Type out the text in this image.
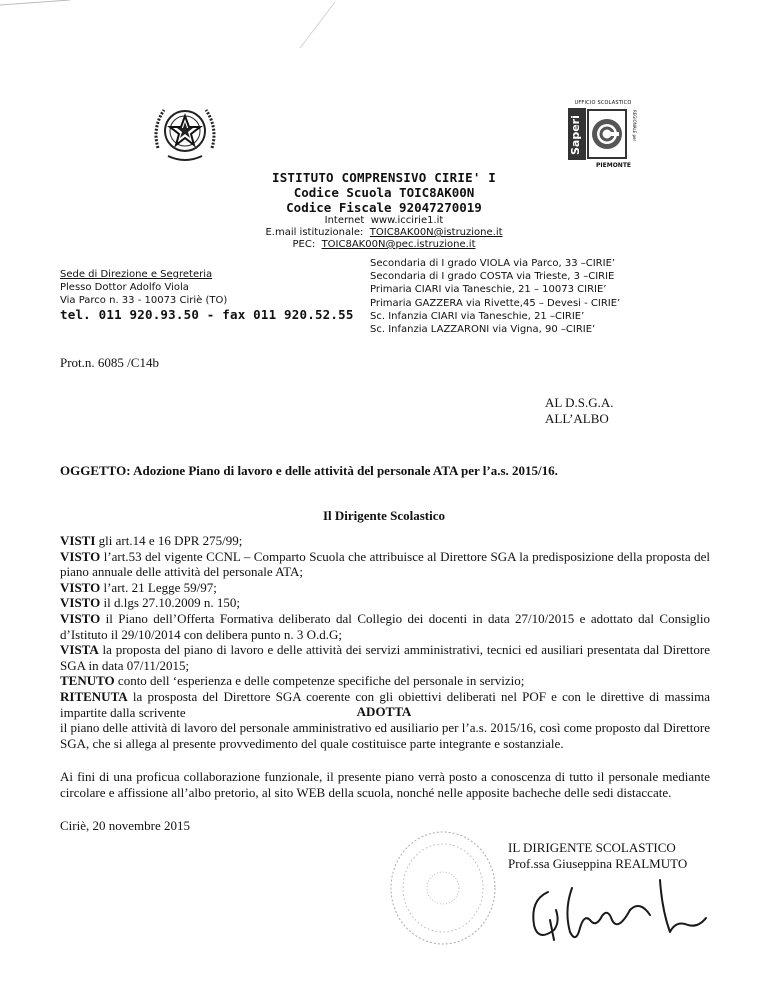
UFFICIO SCOLASTICO
Saperi	REGIONALE per
PIEMONTE
ISTITUTO COMPRENSIVO CIRIE' I
Codice Scuola TOIC8AK00N
Codice Fiscale 92047270019
Internet www.iccirie1.it
E.mail istituzionale: TOIC8AK00N@istruzione.it
PEC: TOIC8AK00N@pec.istruzione.it
Sede di Direzione e Segreteria
Plesso Dottor Adolfo Viola
Via Parco n. 33 - 10073 Ciriè (TO)
tel. 011 920.93.50 - fax 011 920.52.55
Secondaria di I grado VIOLA via Parco, 33 –CIRIE’
Secondaria di I grado COSTA via Trieste, 3 –CIRIE
Primaria CIARI via Taneschie, 21 – 10073 CIRIE’
Primaria GAZZERA via Rivette,45 – Devesi - CIRIE’
Sc. Infanzia CIARI via Taneschie, 21 –CIRIE’
Sc. Infanzia LAZZARONI via Vigna, 90 –CIRIE’
Prot.n. 6085 /C14b
AL D.S.G.A.
ALL’ALBO
OGGETTO: Adozione Piano di lavoro e delle attività del personale ATA per l’a.s. 2015/16.
Il Dirigente Scolastico

VISTI gli art.14 e 16 DPR 275/99;

VISTO l’art.53 del vigente CCNL – Comparto Scuola che attribuisce al Direttore SGA la predisposizione della proposta del piano annuale delle attività del personale ATA;

VISTO l’art. 21 Legge 59/97;

VISTO il d.lgs 27.10.2009 n. 150;

VISTO il Piano dell’Offerta Formativa deliberato dal Collegio dei docenti in data 27/10/2015 e adottato dal Consiglio d’Istituto il 29/10/2014 con delibera punto n. 3 O.d.G;

VISTA la proposta del piano di lavoro e delle attività dei servizi amministrativi, tecnici ed ausiliari presentata dal Direttore SGA in data 07/11/2015;

TENUTO conto dell ‘esperienza e delle competenze specifiche del personale in servizio;

RITENUTA la prosposta del Direttore SGA coerente con gli obiettivi deliberati nel POF e con le direttive di massima impartite dalla scrivente	ADOTTA
il piano delle attività di lavoro del personale amministrativo ed ausiliario per l’a.s. 2015/16, così come proposto dal Direttore SGA, che si allega al presente provvedimento del quale costituisce parte integrante e sostanziale.
Ai fini di una proficua collaborazione funzionale, il presente piano verrà posto a conoscenza di tutto il personale mediante circolare e affissione all’albo pretorio, al sito WEB della scuola, nonché nelle apposite bacheche delle sedi distaccate.
Ciriè, 20 novembre 2015
IL DIRIGENTE SCOLASTICO
Prof.ssa Giuseppina REALMUTO
